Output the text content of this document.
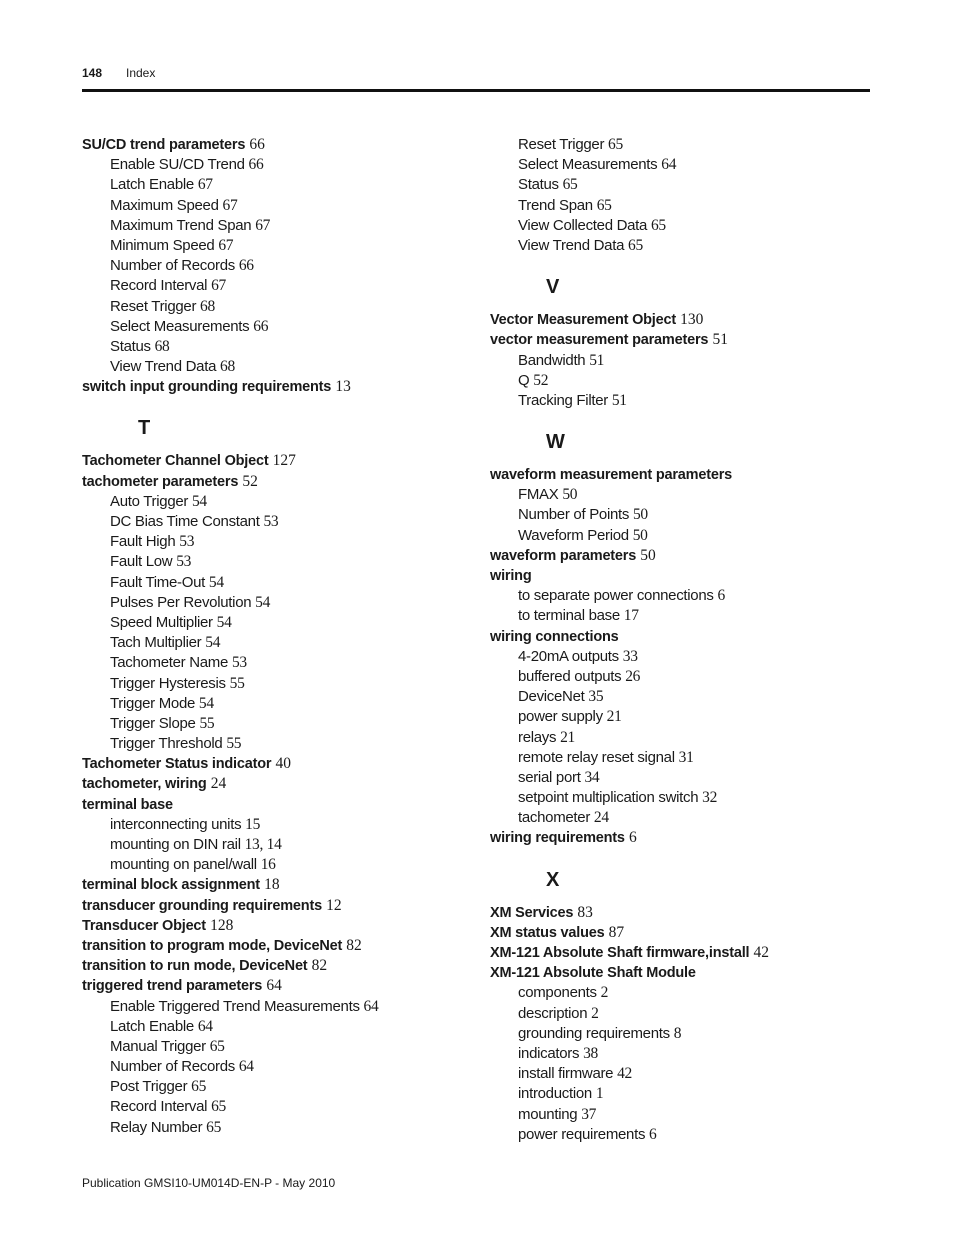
148 Index
SU/CD trend parameters 66
Enable SU/CD Trend 66
Latch Enable 67
Maximum Speed 67
Maximum Trend Span 67
Minimum Speed 67
Number of Records 66
Record Interval 67
Reset Trigger 68
Select Measurements 66
Status 68
View Trend Data 68
switch input grounding requirements 13
T
Tachometer Channel Object 127
tachometer parameters 52
Auto Trigger 54
DC Bias Time Constant 53
Fault High 53
Fault Low 53
Fault Time-Out 54
Pulses Per Revolution 54
Speed Multiplier 54
Tach Multiplier 54
Tachometer Name 53
Trigger Hysteresis 55
Trigger Mode 54
Trigger Slope 55
Trigger Threshold 55
Tachometer Status indicator 40
tachometer, wiring 24
terminal base
interconnecting units 15
mounting on DIN rail 13, 14
mounting on panel/wall 16
terminal block assignment 18
transducer grounding requirements 12
Transducer Object 128
transition to program mode, DeviceNet 82
transition to run mode, DeviceNet 82
triggered trend parameters 64
Enable Triggered Trend Measurements 64
Latch Enable 64
Manual Trigger 65
Number of Records 64
Post Trigger 65
Record Interval 65
Relay Number 65
Reset Trigger 65
Select Measurements 64
Status 65
Trend Span 65
View Collected Data 65
View Trend Data 65
V
Vector Measurement Object 130
vector measurement parameters 51
Bandwidth 51
Q 52
Tracking Filter 51
W
waveform measurement parameters
FMAX 50
Number of Points 50
Waveform Period 50
waveform parameters 50
wiring
to separate power connections 6
to terminal base 17
wiring connections
4-20mA outputs 33
buffered outputs 26
DeviceNet 35
power supply 21
relays 21
remote relay reset signal 31
serial port 34
setpoint multiplication switch 32
tachometer 24
wiring requirements 6
X
XM Services 83
XM status values 87
XM-121 Absolute Shaft firmware,install 42
XM-121 Absolute Shaft Module
components 2
description 2
grounding requirements 8
indicators 38
install firmware 42
introduction 1
mounting 37
power requirements 6
Publication GMSI10-UM014D-EN-P - May 2010
